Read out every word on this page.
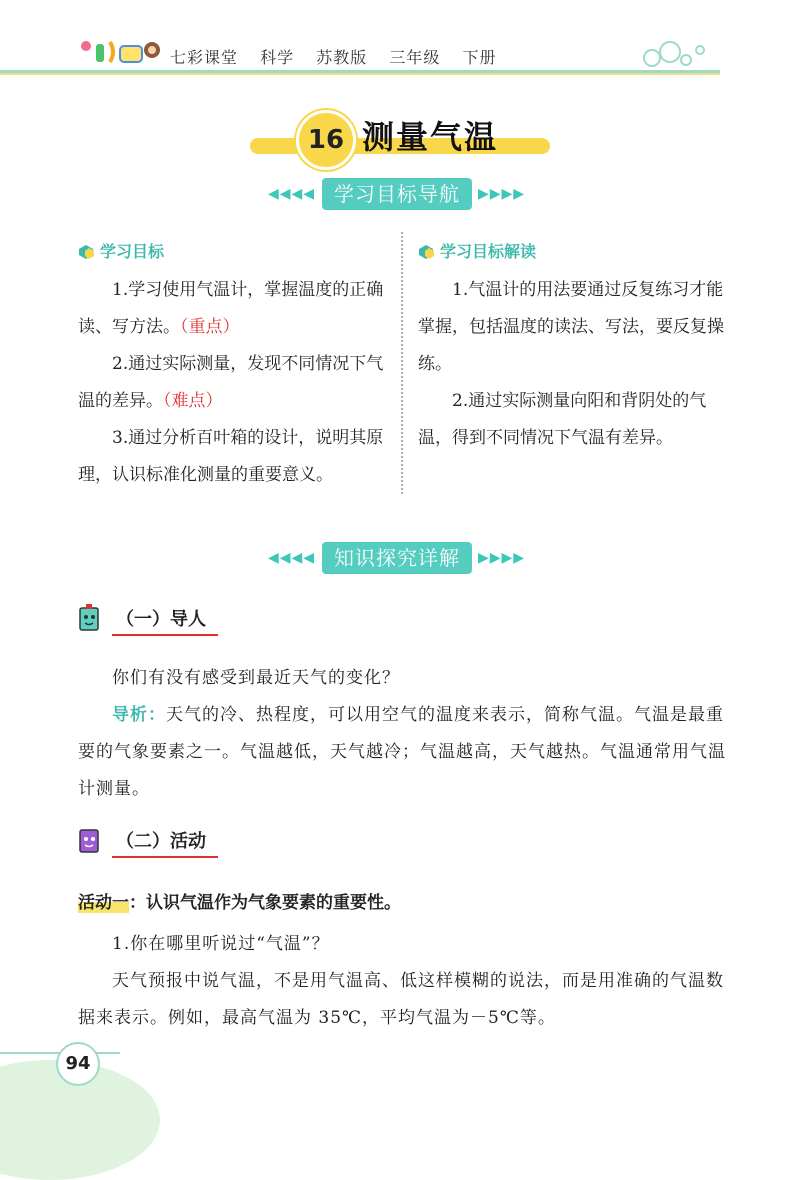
七彩课堂 科学 苏教版 三年级 下册
16 测量气温
◀◀◀◀ 学习目标导航	▶▶▶▶
学习目标

1.学习使用气温计，掌握温度的正确读、写方法。（重点）

2.通过实际测量，发现不同情况下气温的差异。（难点）

3.通过分析百叶箱的设计，说明其原理，认识标准化测量的重要意义。

学习目标解读

1.气温计的用法要通过反复练习才能掌握，包括温度的读法、写法，要反复操练。

2.通过实际测量向阳和背阴处的气温，得到不同情况下气温有差异。

◀◀◀◀ 知识探究详解	▶▶▶▶
（一）导人

你们有没有感受到最近天气的变化？

导析：天气的冷、热程度，可以用空气的温度来表示，简称气温。气温是最重要的气象要素之一。气温越低，天气越冷；气温越高，天气越热。气温通常用气温计测量。

（二）活动
活动一：认识气温作为气象要素的重要性。

1.你在哪里听说过“气温”？

天气预报中说气温，不是用气温高、低这样模糊的说法，而是用准确的气温数据来表示。例如，最高气温为 35℃，平均气温为－5℃等。

94
